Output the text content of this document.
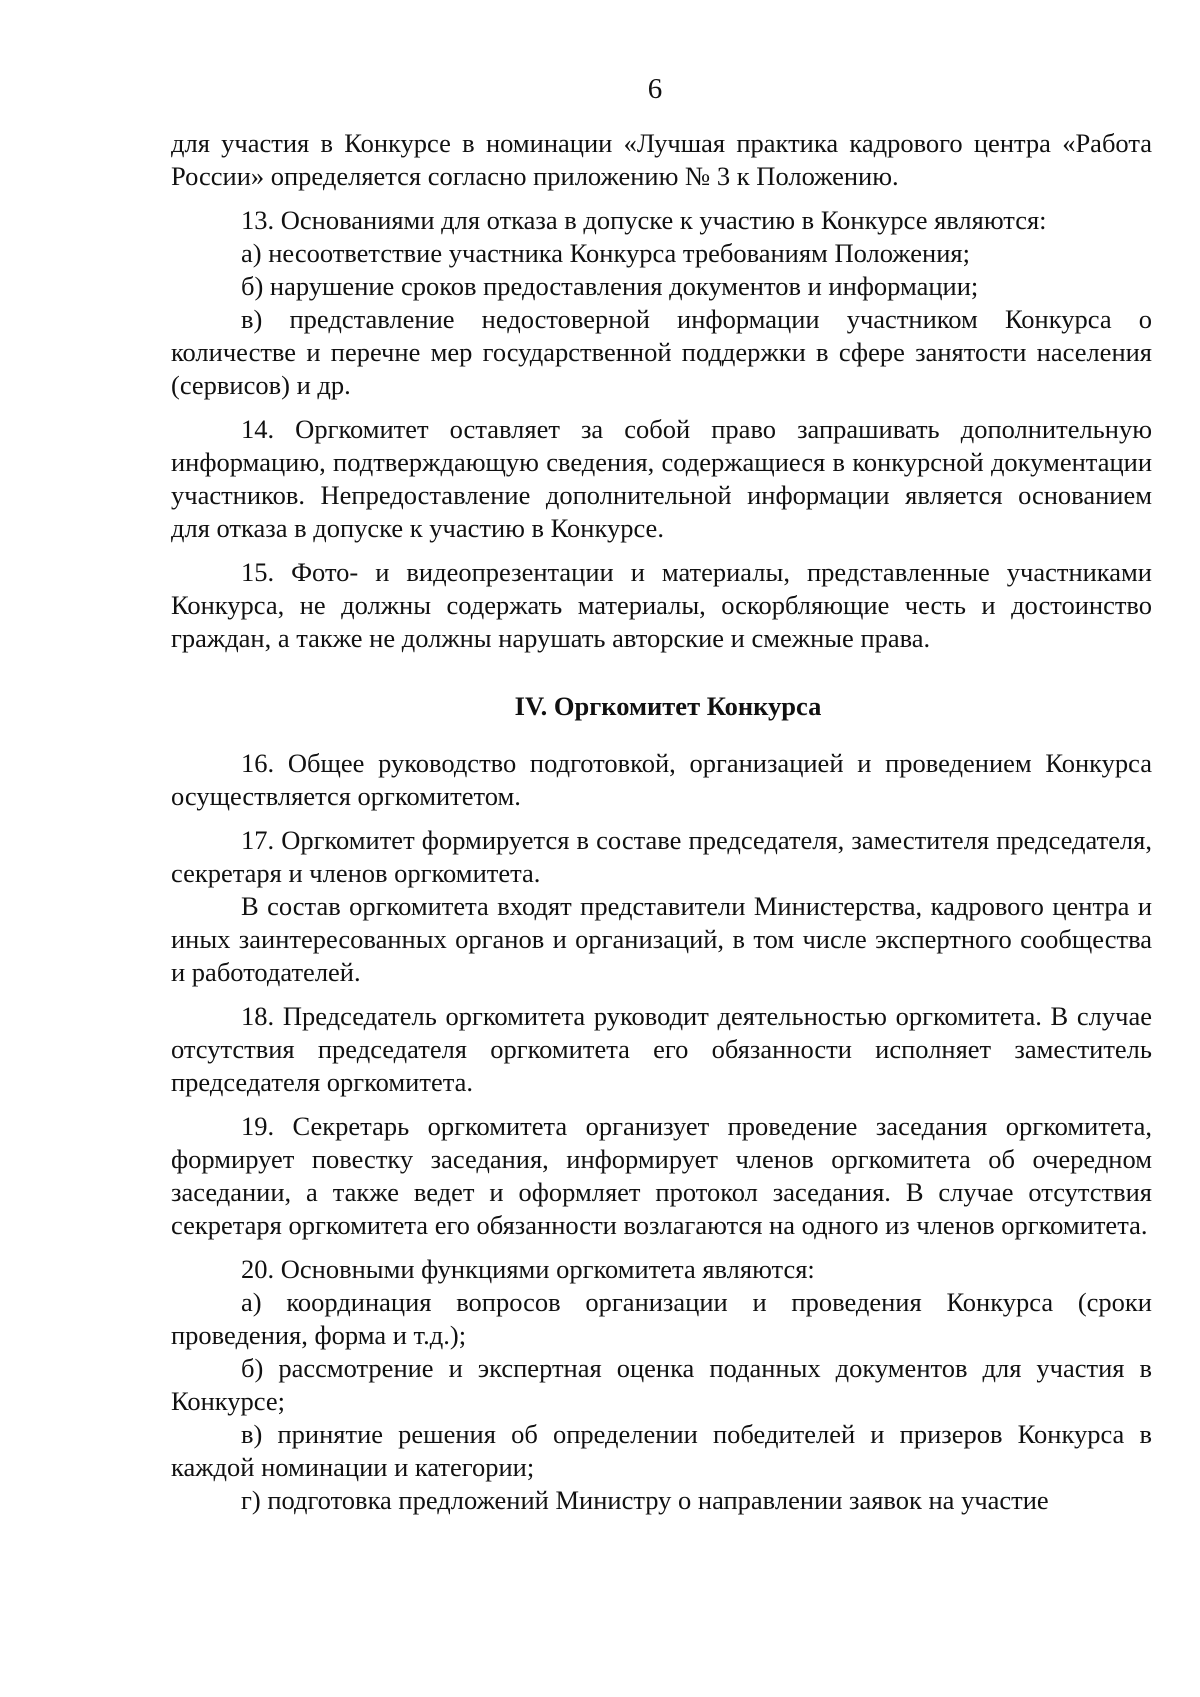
6

для участия в Конкурсе в номинации «Лучшая практика кадрового центра «Работа России» определяется согласно приложению № 3 к Положению.

13. Основаниями для отказа в допуске к участию в Конкурсе являются:

а) несоответствие участника Конкурса требованиям Положения;

б) нарушение сроков предоставления документов и информации;

в) представление недостоверной информации участником Конкурса о количестве и перечне мер государственной поддержки в сфере занятости населения (сервисов) и др.

14. Оргкомитет оставляет за собой право запрашивать дополнительную информацию, подтверждающую сведения, содержащиеся в конкурсной документации участников. Непредоставление дополнительной информации является основанием для отказа в допуске к участию в Конкурсе.

15. Фото- и видеопрезентации и материалы, представленные участниками Конкурса, не должны содержать материалы, оскорбляющие честь и достоинство граждан, а также не должны нарушать авторские и смежные права.

IV. Оргкомитет Конкурса

16. Общее руководство подготовкой, организацией и проведением Конкурса осуществляется оргкомитетом.

17. Оргкомитет формируется в составе председателя, заместителя председателя, секретаря и членов оргкомитета.

В состав оргкомитета входят представители Министерства, кадрового центра и иных заинтересованных органов и организаций, в том числе экспертного сообщества и работодателей.

18. Председатель оргкомитета руководит деятельностью оргкомитета. В случае отсутствия председателя оргкомитета его обязанности исполняет заместитель председателя оргкомитета.

19. Секретарь оргкомитета организует проведение заседания оргкомитета, формирует повестку заседания, информирует членов оргкомитета об очередном заседании, а также ведет и оформляет протокол заседания. В случае отсутствия секретаря оргкомитета его обязанности возлагаются на одного из членов оргкомитета.

20. Основными функциями оргкомитета являются:

а) координация вопросов организации и проведения Конкурса (сроки проведения, форма и т.д.);

б) рассмотрение и экспертная оценка поданных документов для участия в Конкурсе;

в) принятие решения об определении победителей и призеров Конкурса в каждой номинации и категории;

г) подготовка предложений Министру о направлении заявок на участие
